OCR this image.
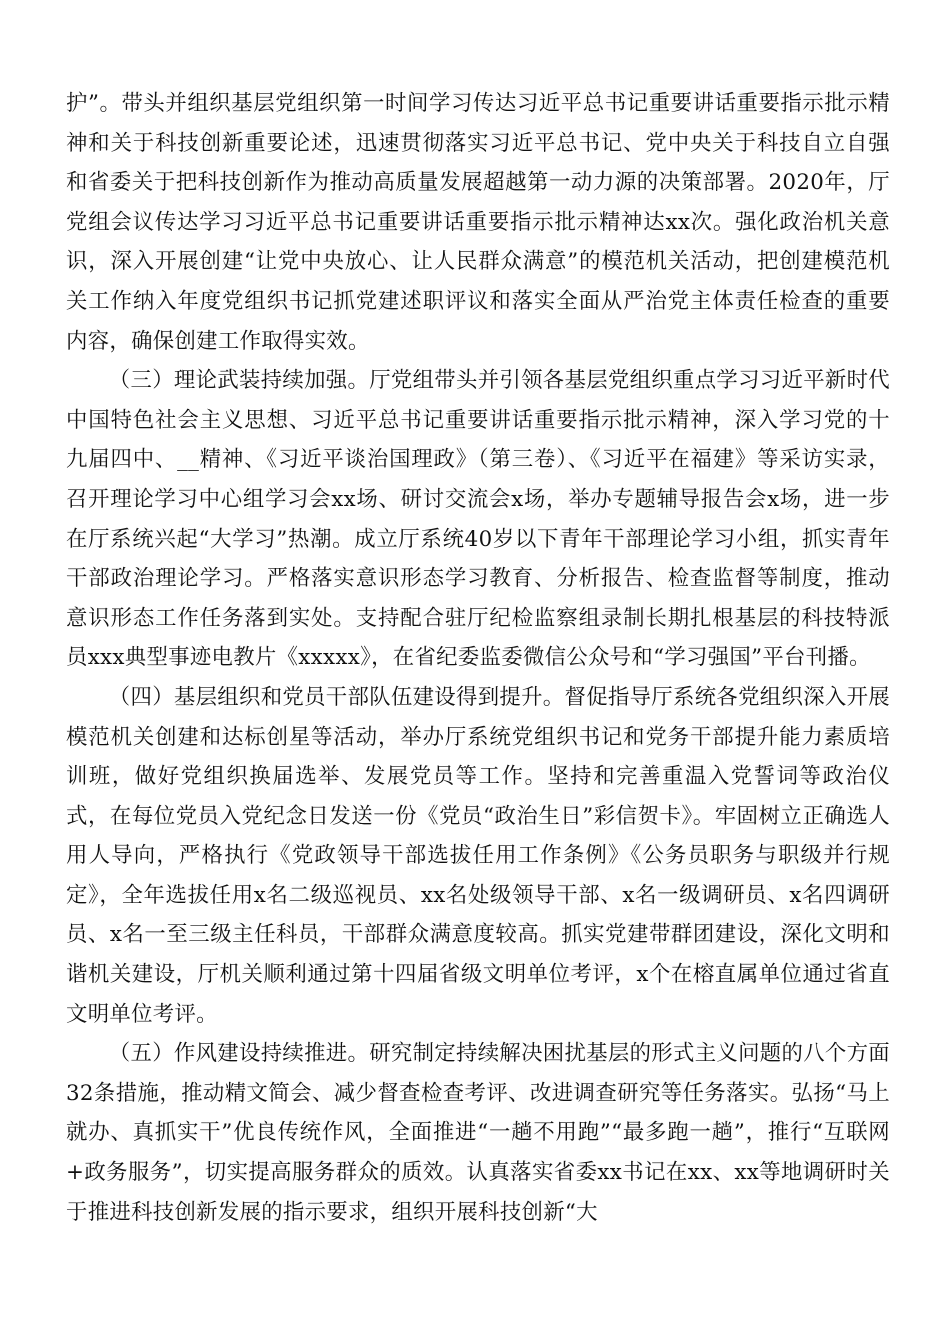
护”。带头并组织基层党组织第一时间学习传达习近平总书记重要讲话重要指示批示精神和关于科技创新重要论述，迅速贯彻落实习近平总书记、党中央关于科技自立自强和省委关于把科技创新作为推动高质量发展超越第一动力源的决策部署。2020年，厅党组会议传达学习习近平总书记重要讲话重要指示批示精神达xx次。强化政治机关意识，深入开展创建“让党中央放心、让人民群众满意”的模范机关活动，把创建模范机关工作纳入年度党组织书记抓党建述职评议和落实全面从严治党主体责任检查的重要内容，确保创建工作取得实效。

（三）理论武装持续加强。厅党组带头并引领各基层党组织重点学习习近平新时代中国特色社会主义思想、习近平总书记重要讲话重要指示批示精神，深入学习党的十九届四中、__精神、《习近平谈治国理政》（第三卷）、《习近平在福建》等采访实录，召开理论学习中心组学习会xx场、研讨交流会x场，举办专题辅导报告会x场，进一步在厅系统兴起“大学习”热潮。成立厅系统40岁以下青年干部理论学习小组，抓实青年干部政治理论学习。严格落实意识形态学习教育、分析报告、检查监督等制度，推动意识形态工作任务落到实处。支持配合驻厅纪检监察组录制长期扎根基层的科技特派员xxx典型事迹电教片《xxxxx》，在省纪委监委微信公众号和“学习强国”平台刊播。

（四）基层组织和党员干部队伍建设得到提升。督促指导厅系统各党组织深入开展模范机关创建和达标创星等活动，举办厅系统党组织书记和党务干部提升能力素质培训班，做好党组织换届选举、发展党员等工作。坚持和完善重温入党誓词等政治仪式，在每位党员入党纪念日发送一份《党员“政治生日”彩信贺卡》。牢固树立正确选人用人导向，严格执行《党政领导干部选拔任用工作条例》《公务员职务与职级并行规定》，全年选拔任用x名二级巡视员、xx名处级领导干部、x名一级调研员、x名四调研员、x名一至三级主任科员，干部群众满意度较高。抓实党建带群团建设，深化文明和谐机关建设，厅机关顺利通过第十四届省级文明单位考评，x个在榕直属单位通过省直文明单位考评。

（五）作风建设持续推进。研究制定持续解决困扰基层的形式主义问题的八个方面32条措施，推动精文简会、减少督查检查考评、改进调查研究等任务落实。弘扬“马上就办、真抓实干”优良传统作风，全面推进“一趟不用跑”“最多跑一趟”，推行“互联网+政务服务”，切实提高服务群众的质效。认真落实省委xx书记在xx、xx等地调研时关于推进科技创新发展的指示要求，组织开展科技创新“大
